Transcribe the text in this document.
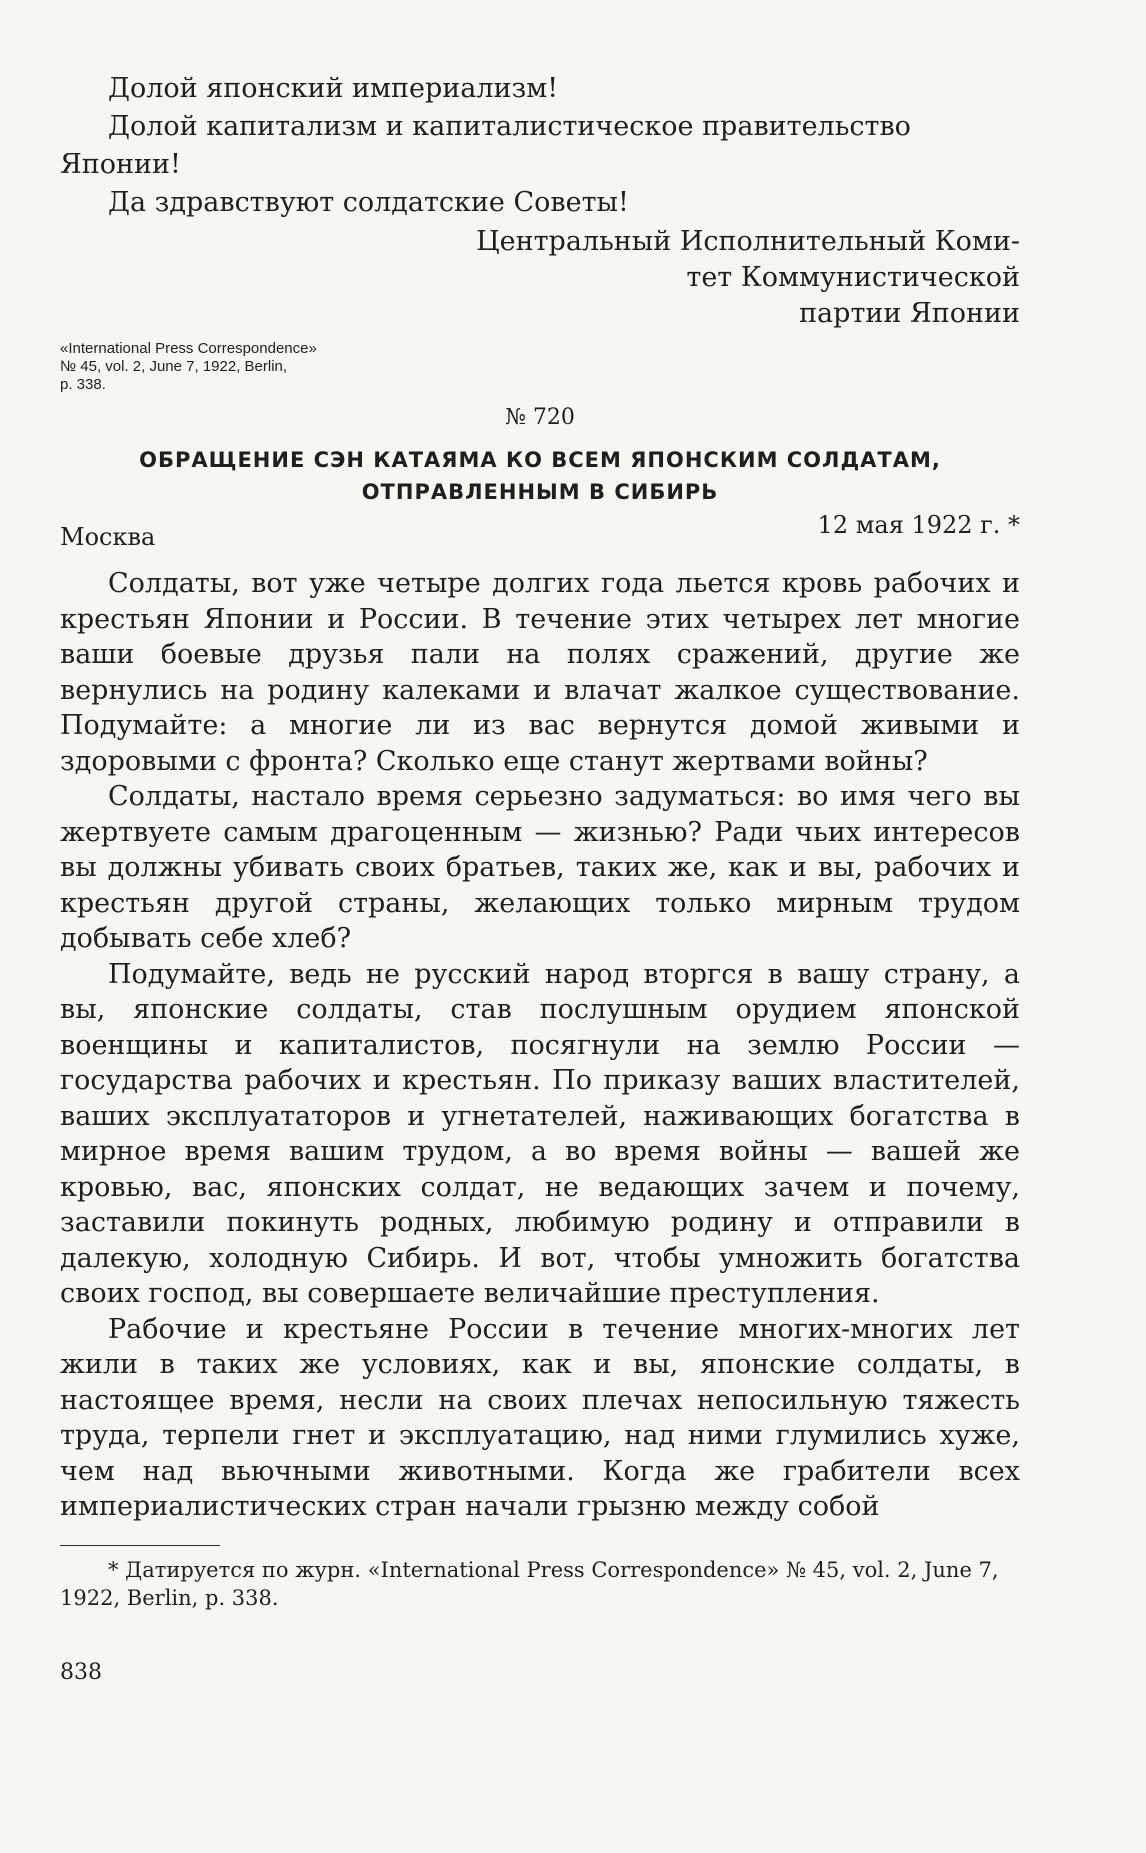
Долой японский империализм!

Долой капитализм и капиталистическое правительство Японии!

Да здравствуют солдатские Советы!

Центральный Исполнительный Коми-
тет Коммунистической
партии Японии
«International Press Correspondence»
№ 45, vol. 2, June 7, 1922, Berlin,
p. 338.
№ 720
ОБРАЩЕНИЕ СЭН КАТАЯМА КО ВСЕМ ЯПОНСКИМ СОЛДАТАМ,
ОТПРАВЛЕННЫМ В СИБИРЬ
Москва	12 мая 1922 г. *

Солдаты, вот уже четыре долгих года льется кровь рабочих и крестьян Японии и России. В течение этих четырех лет многие ваши боевые друзья пали на полях сражений, другие же вернулись на родину калеками и влачат жалкое существование. Подумайте: а многие ли из вас вернутся домой живыми и здоровыми с фронта? Сколько еще станут жертвами войны?

Солдаты, настало время серьезно задуматься: во имя чего вы жертвуете самым драгоценным — жизнью? Ради чьих интересов вы должны убивать своих братьев, таких же, как и вы, рабочих и крестьян другой страны, желающих только мирным трудом добывать себе хлеб?

Подумайте, ведь не русский народ вторгся в вашу страну, а вы, японские солдаты, став послушным орудием японской военщины и капиталистов, посягнули на землю России — государства рабочих и крестьян. По приказу ваших властителей, ваших эксплуататоров и угнетателей, наживающих богатства в мирное время вашим трудом, а во время войны — вашей же кровью, вас, японских солдат, не ведающих зачем и почему, заставили покинуть родных, любимую родину и отправили в далекую, холодную Сибирь. И вот, чтобы умножить богатства своих господ, вы совершаете величайшие преступления.

Рабочие и крестьяне России в течение многих-многих лет жили в таких же условиях, как и вы, японские солдаты, в настоящее время, несли на своих плечах непосильную тяжесть труда, терпели гнет и эксплуатацию, над ними глумились хуже, чем над вьючными животными. Когда же грабители всех империалистических стран начали грызню между собой

* Датируется по журн. «International Press Correspondence» № 45, vol. 2, June 7, 1922, Berlin, p. 338.
838
